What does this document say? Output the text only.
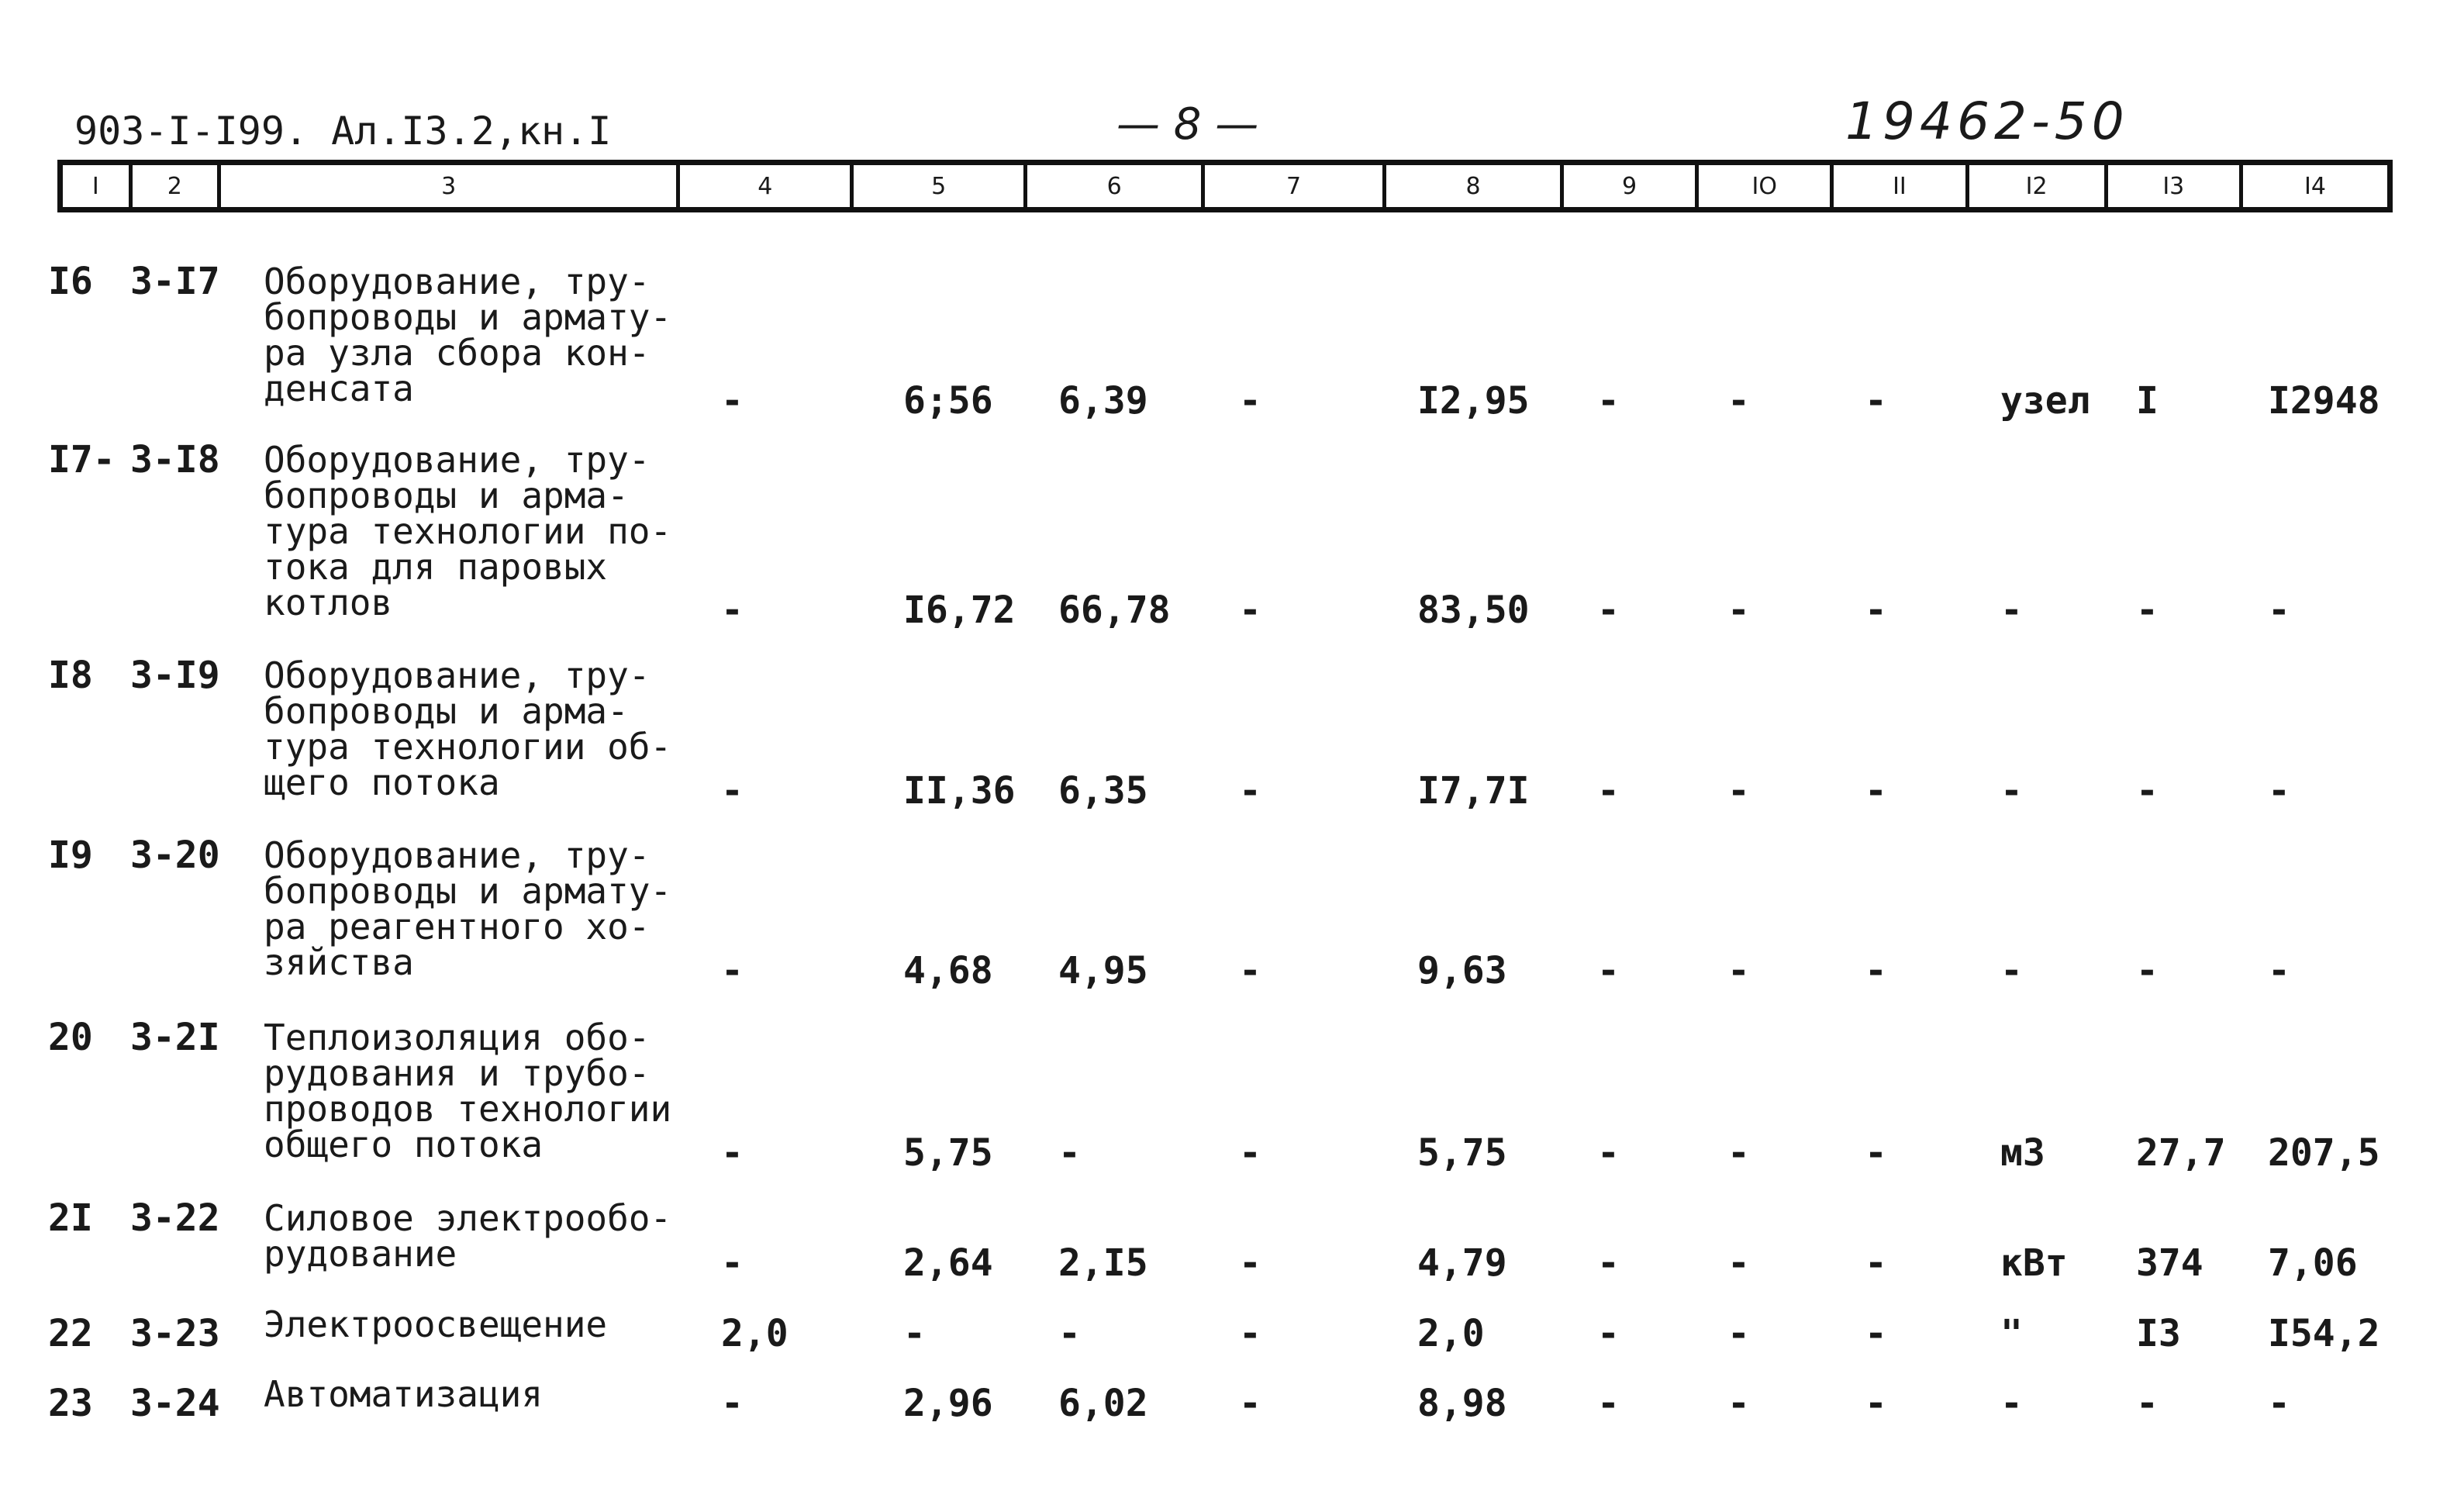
903-I-I99. Ал.I3.2,кн.I	— 8 —	19462-50
I	2	3	4	5	6	7	8	9	IO	II	I2	I3	I4
I6 3-I7 Оборудование, тру-
бопроводы и армату-
ра узла сбора кон-
денсата	-	6;56 6,39 -	I2,95 -	-	-	узел I	I2948
I7- 3-I8 Оборудование, тру-
бопроводы и арма-
тура технологии по-
тока для паровых
котлов	-	I6,72 66,78 -	83,50 -	-	-	-	-	-
I8 3-I9 Оборудование, тру-
бопроводы и арма-
тура технологии об-
щего потока	-	II,36 6,35 -	I7,7I -	-	-	-	-	-
I9 3-20 Оборудование, тру-
бопроводы и армату-
ра реагентного хо-
зяйства	-	4,68 4,95 -	9,63 -	-	-	-	-	-
20 3-2I Теплоизоляция обо-
рудования и трубо-
проводов технологии
общего потока	-	5,75 -	-	5,75 -	-	-	м3 27,7 207,5
2I 3-22 Силовое электрообо-
рудование	-	2,64 2,I5 -	4,79 -	-	-	кВт 374 7,06
22 3-23 Электроосвещение	2,0	-	-	-	2,0	-	-	-	"	I3 I54,2
23 3-24 Автоматизация	-	2,96 6,02 -	8,98 -	-	-	-	-	-
